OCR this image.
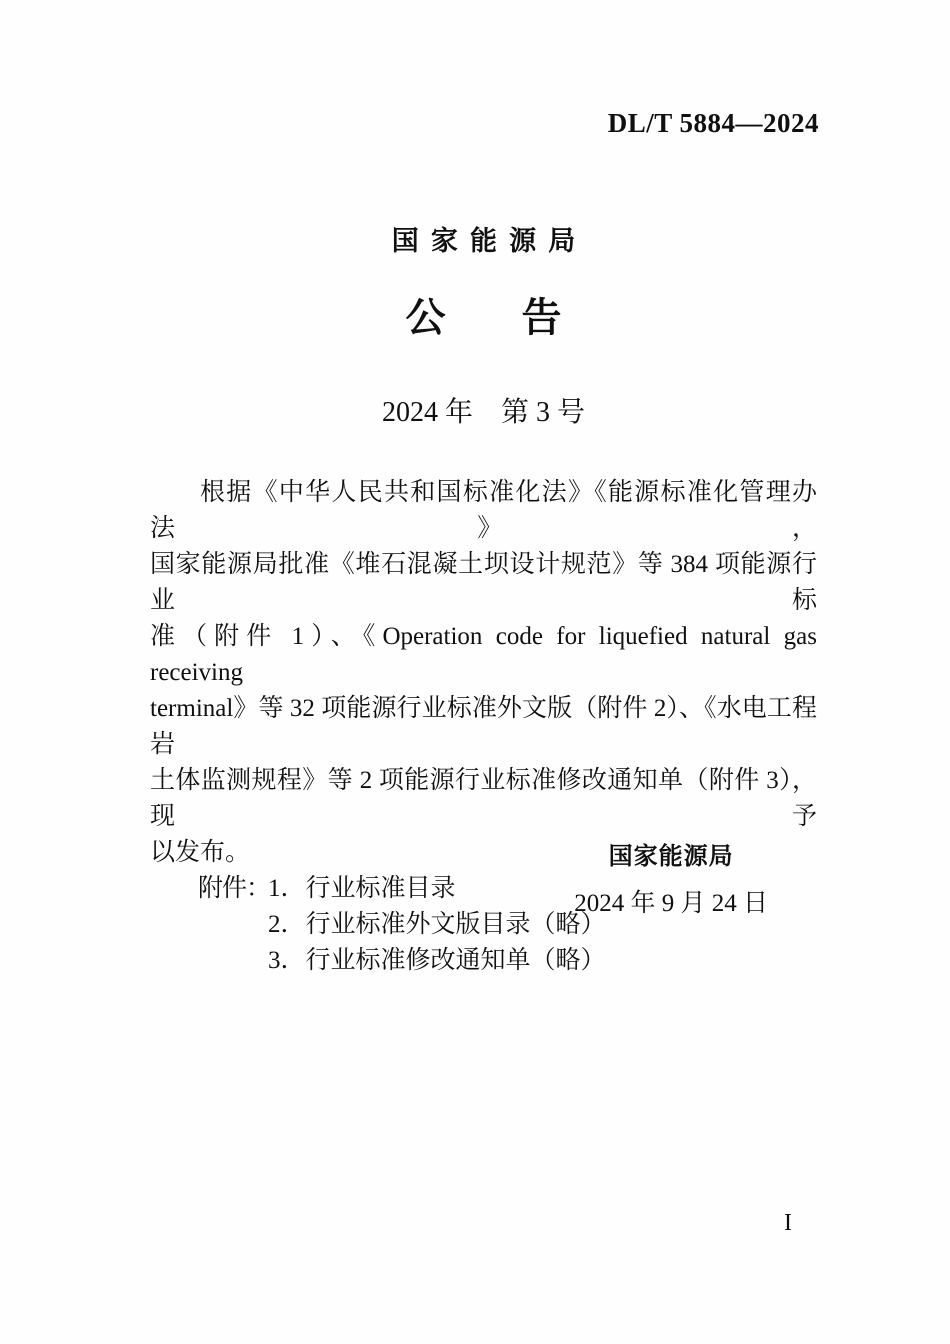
DL/T 5884—2024
国家能源局
公告
2024 年　第 3 号
根据《中华人民共和国标准化法》《能源标准化管理办法》，
国家能源局批准《堆石混凝土坝设计规范》等 384 项能源行业标
准（附件 1）、《Operation code for liquefied natural gas receiving
terminal》等 32 项能源行业标准外文版（附件 2）、《水电工程岩
土体监测规程》等 2 项能源行业标准修改通知单（附件 3），现予
以发布。
附件：1．行业标准目录
2．行业标准外文版目录（略）
3．行业标准修改通知单（略）
国家能源局
2024 年 9 月 24 日
I
